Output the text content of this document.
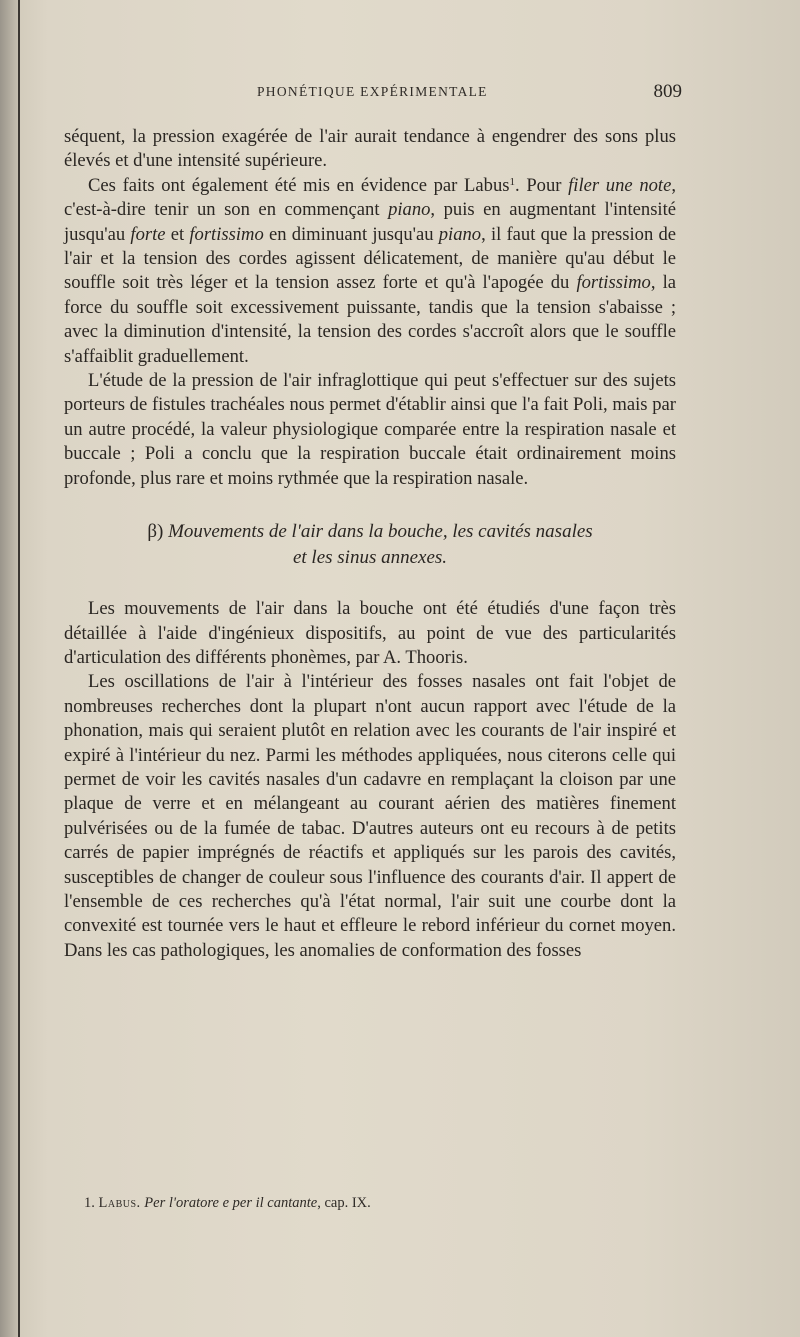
PHONÉTIQUE EXPÉRIMENTALE	809

séquent, la pression exagérée de l'air aurait tendance à engendrer des sons plus élevés et d'une intensité supérieure.

Ces faits ont également été mis en évidence par Labus$^1$. Pour filer une note, c'est-à-dire tenir un son en commençant piano, puis en augmentant l'intensité jusqu'au forte et fortissimo en diminuant jusqu'au piano, il faut que la pression de l'air et la tension des cordes agissent délicatement, de manière qu'au début le souffle soit très léger et la tension assez forte et qu'à l'apogée du fortissimo, la force du souffle soit excessivement puissante, tandis que la tension s'abaisse ; avec la diminution d'intensité, la tension des cordes s'accroît alors que le souffle s'affaiblit graduellement.

L'étude de la pression de l'air infraglottique qui peut s'effectuer sur des sujets porteurs de fistules trachéales nous permet d'établir ainsi que l'a fait Poli, mais par un autre procédé, la valeur physiologique comparée entre la respiration nasale et buccale ; Poli a conclu que la respiration buccale était ordinairement moins profonde, plus rare et moins rythmée que la respiration nasale.

β) Mouvements de l'air dans la bouche, les cavités nasales
et les sinus annexes.

Les mouvements de l'air dans la bouche ont été étudiés d'une façon très détaillée à l'aide d'ingénieux dispositifs, au point de vue des particularités d'articulation des différents phonèmes, par A. Thooris.

Les oscillations de l'air à l'intérieur des fosses nasales ont fait l'objet de nombreuses recherches dont la plupart n'ont aucun rapport avec l'étude de la phonation, mais qui seraient plutôt en relation avec les courants de l'air inspiré et expiré à l'intérieur du nez. Parmi les méthodes appliquées, nous citerons celle qui permet de voir les cavités nasales d'un cadavre en remplaçant la cloison par une plaque de verre et en mélangeant au courant aérien des matières finement pulvérisées ou de la fumée de tabac. D'autres auteurs ont eu recours à de petits carrés de papier imprégnés de réactifs et appliqués sur les parois des cavités, susceptibles de changer de couleur sous l'influence des courants d'air. Il appert de l'ensemble de ces recherches qu'à l'état normal, l'air suit une courbe dont la convexité est tournée vers le haut et effleure le rebord inférieur du cornet moyen. Dans les cas pathologiques, les anomalies de conformation des fosses

1. Labus. Per l'oratore e per il cantante, cap. IX.
